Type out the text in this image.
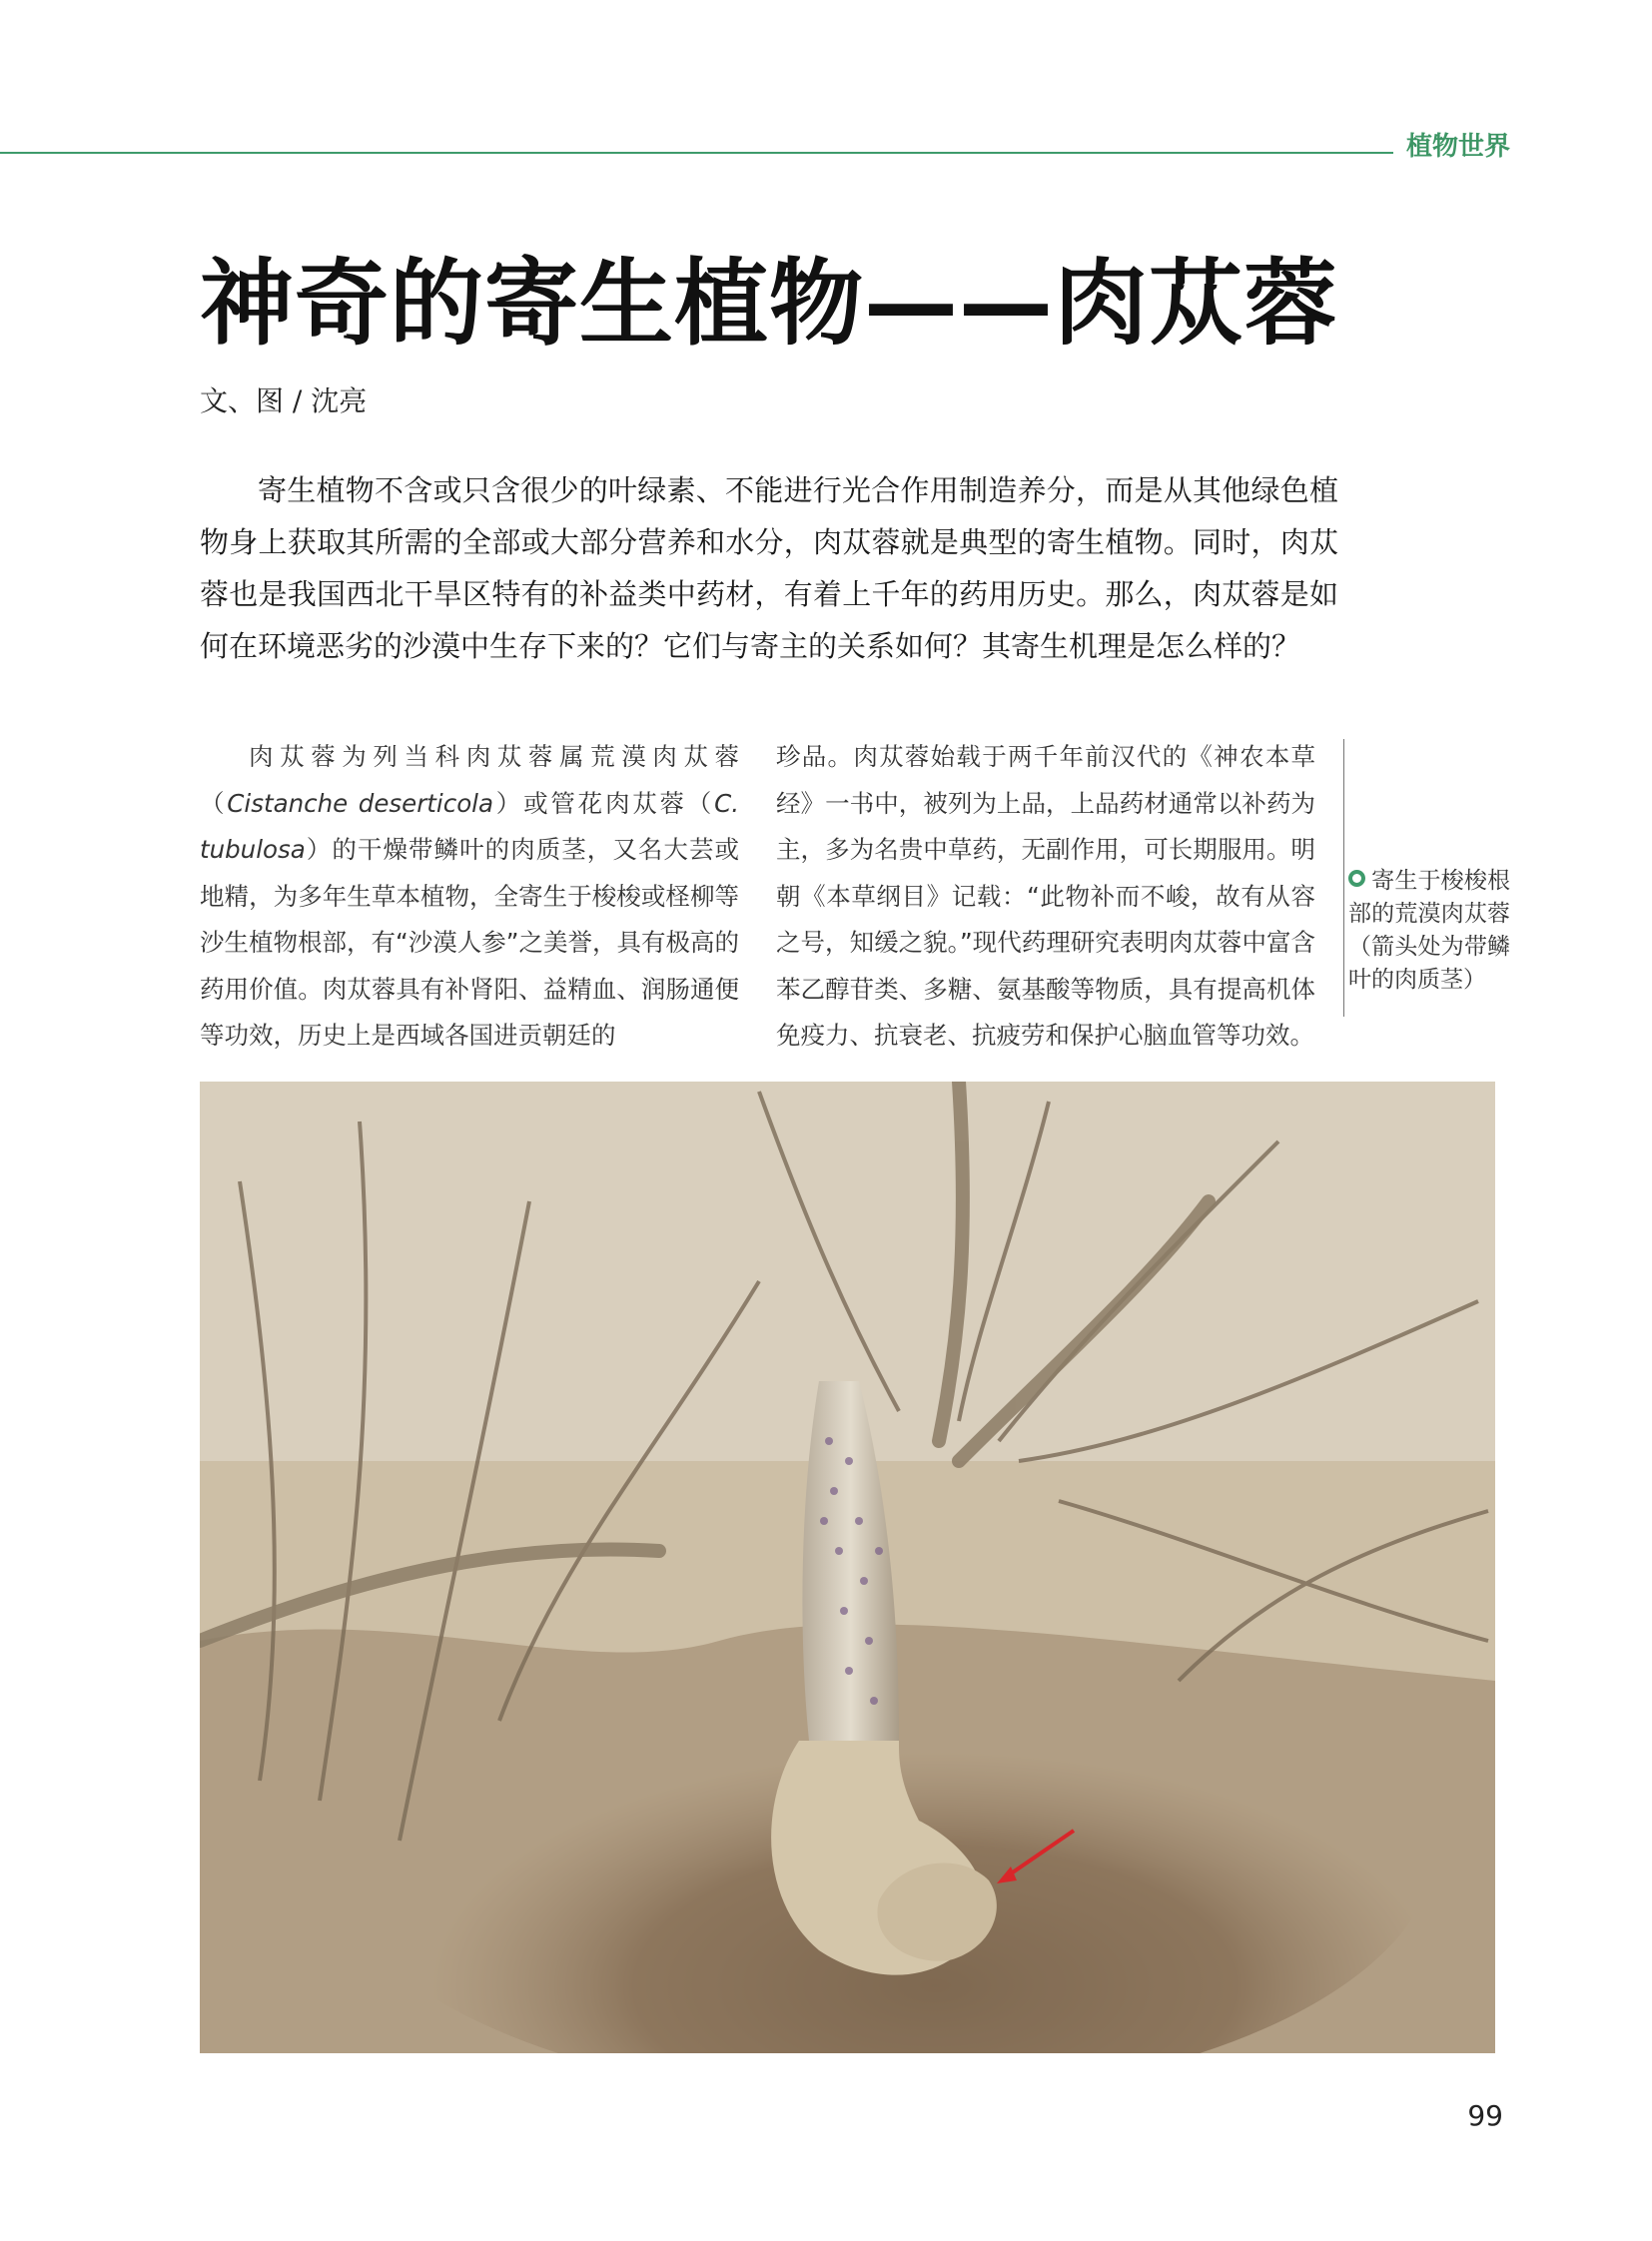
植物世界
神奇的寄生植物——肉苁蓉
文、图 / 沈亮

寄生植物不含或只含很少的叶绿素、不能进行光合作用制造养分，而是从其他绿色植物身上获取其所需的全部或大部分营养和水分，肉苁蓉就是典型的寄生植物。同时，肉苁蓉也是我国西北干旱区特有的补益类中药材，有着上千年的药用历史。那么，肉苁蓉是如何在环境恶劣的沙漠中生存下来的？它们与寄主的关系如何？其寄生机理是怎么样的？

肉苁蓉为列当科肉苁蓉属荒漠肉苁蓉（Cistanche deserticola）或管花肉苁蓉（C. tubulosa）的干燥带鳞叶的肉质茎，又名大芸或地精，为多年生草本植物，全寄生于梭梭或柽柳等沙生植物根部，有“沙漠人参”之美誉，具有极高的药用价值。肉苁蓉具有补肾阳、益精血、润肠通便等功效，历史上是西域各国进贡朝廷的

珍品。肉苁蓉始载于两千年前汉代的《神农本草经》一书中，被列为上品，上品药材通常以补药为主，多为名贵中草药，无副作用，可长期服用。明朝《本草纲目》记载：“此物补而不峻，故有从容之号，知缓之貌。”现代药理研究表明肉苁蓉中富含苯乙醇苷类、多糖、氨基酸等物质，具有提高机体免疫力、抗衰老、抗疲劳和保护心脑血管等功效。

寄生于梭梭根部的荒漠肉苁蓉（箭头处为带鳞叶的肉质茎）
99
